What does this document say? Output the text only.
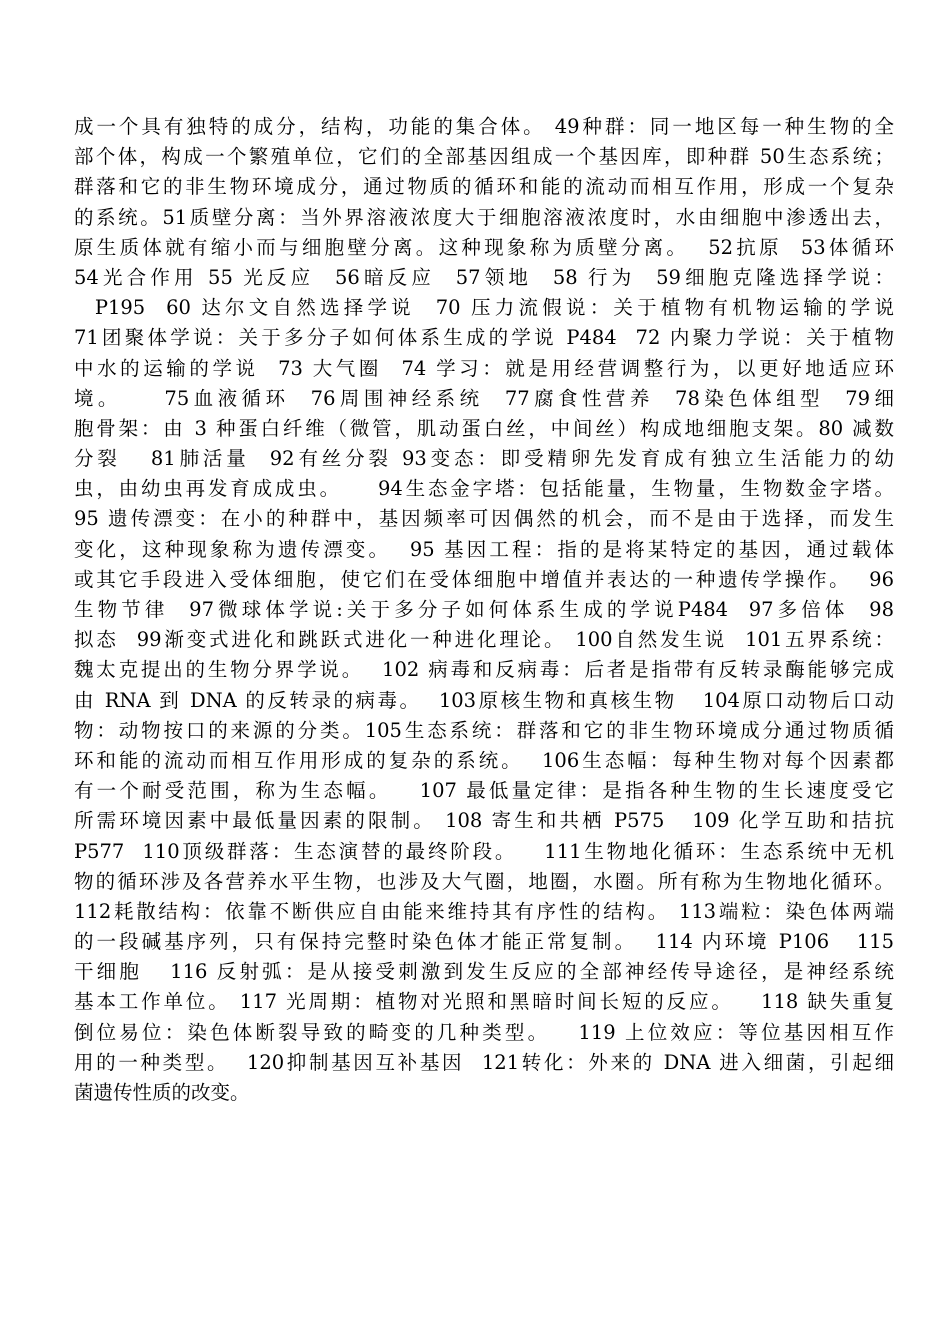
成一个具有独特的成分，结构，功能的集合体。 49种群：同一地区每一种生物的全
部个体，构成一个繁殖单位，它们的全部基因组成一个基因库，即种群 50生态系统；
群落和它的非生物环境成分，通过物质的循环和能的流动而相互作用，形成一个复杂
的系统。51质壁分离：当外界溶液浓度大于细胞溶液浓度时，水由细胞中渗透出去，
原生质体就有缩小而与细胞壁分离。这种现象称为质壁分离。  52抗原  53体循环
54光合作用 55 光反应  56暗反应  57领地  58 行为  59细胞克隆选择学说：
P195  60 达尔文自然选择学说  70 压力流假说：关于植物有机物运输的学说
71团聚体学说：关于多分子如何体系生成的学说 P484  72 内聚力学说：关于植物
中水的运输的学说  73 大气圈  74 学习：就是用经营调整行为，以更好地适应环
境。    75血液循环  76周围神经系统  77腐食性营养  78染色体组型  79细
胞骨架：由 3 种蛋白纤维（微管，肌动蛋白丝，中间丝）构成地细胞支架。80 减数
分裂   81肺活量  92有丝分裂 93变态：即受精卵先发育成有独立生活能力的幼
虫，由幼虫再发育成成虫。    94生态金字塔：包括能量，生物量，生物数金字塔。
95 遗传漂变：在小的种群中，基因频率可因偶然的机会，而不是由于选择，而发生
变化，这种现象称为遗传漂变。  95 基因工程：指的是将某特定的基因，通过载体
或其它手段进入受体细胞，使它们在受体细胞中增值并表达的一种遗传学操作。  96
生物节律  97微球体学说:关于多分子如何体系生成的学说P484  97多倍体  98
拟态  99渐变式进化和跳跃式进化一种进化理论。 100自然发生说  101五界系统：
魏太克提出的生物分界学说。  102 病毒和反病毒：后者是指带有反转录酶能够完成
由 RNA 到 DNA 的反转录的病毒。  103原核生物和真核生物   104原口动物后口动
物：动物按口的来源的分类。105生态系统：群落和它的非生物环境成分通过物质循
环和能的流动而相互作用形成的复杂的系统。  106生态幅：每种生物对每个因素都
有一个耐受范围，称为生态幅。   107 最低量定律：是指各种生物的生长速度受它
所需环境因素中最低量因素的限制。 108 寄生和共栖 P575   109 化学互助和拮抗
P577  110顶级群落：生态演替的最终阶段。   111生物地化循环：生态系统中无机
物的循环涉及各营养水平生物，也涉及大气圈，地圈，水圈。所有称为生物地化循环。
112耗散结构：依靠不断供应自由能来维持其有序性的结构。 113端粒：染色体两端
的一段碱基序列，只有保持完整时染色体才能正常复制。  114 内环境 P106   115
干细胞   116 反射弧：是从接受刺激到发生反应的全部神经传导途径，是神经系统
基本工作单位。 117 光周期：植物对光照和黑暗时间长短的反应。   118 缺失重复
倒位易位：染色体断裂导致的畸变的几种类型。   119 上位效应：等位基因相互作
用的一种类型。  120抑制基因互补基因  121转化：外来的 DNA 进入细菌，引起细
菌遗传性质的改变。
